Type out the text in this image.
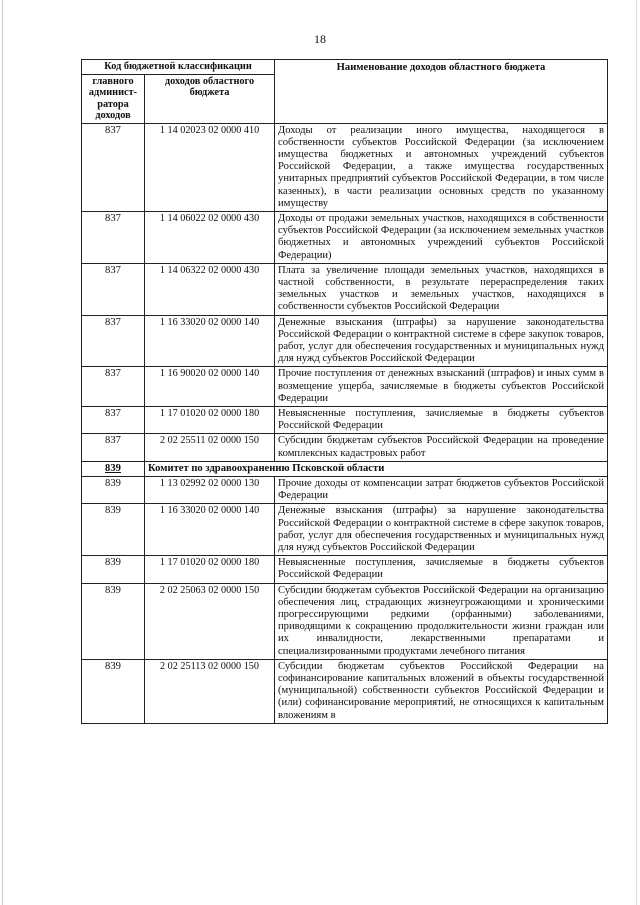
18
Код бюджетной классификации		Наименование доходов областного бюджета
главного админист-ратора доходов	доходов областного бюджета	
837	1 14 02023 02 0000 410	Доходы от реализации иного имущества, находящегося в собственности субъектов Российской Федерации (за исключением имущества бюджетных и автономных учреждений субъектов Российской Федерации, а также имущества государственных унитарных предприятий субъектов Российской Федерации, в том числе казенных), в части реализации основных средств по указанному имуществу
837	1 14 06022 02 0000 430	Доходы от продажи земельных участков, находящихся в собственности субъектов Российской Федерации (за исключением земельных участков бюджетных и автономных учреждений субъектов Российской Федерации)
837	1 14 06322 02 0000 430	Плата за увеличение площади земельных участков, находящихся в частной собственности, в результате перераспределения таких земельных участков и земельных участков, находящихся в собственности субъектов Российской Федерации
837	1 16 33020 02 0000 140	Денежные взыскания (штрафы) за нарушение законодательства Российской Федерации о контрактной системе в сфере закупок товаров, работ, услуг для обеспечения государственных и муниципальных нужд для нужд субъектов Российской Федерации
837	1 16 90020 02 0000 140	Прочие поступления от денежных взысканий (штрафов) и иных сумм в возмещение ущерба, зачисляемые в бюджеты субъектов Российской Федерации
837	1 17 01020 02 0000 180	Невыясненные поступления, зачисляемые в бюджеты субъектов Российской Федерации
837	2 02 25511 02 0000 150	Субсидии бюджетам субъектов Российской Федерации на проведение комплексных кадастровых работ
839	Комитет по здравоохранению Псковской области	
839	1 13 02992 02 0000 130	Прочие доходы от компенсации затрат бюджетов субъектов Российской Федерации
839	1 16 33020 02 0000 140	Денежные взыскания (штрафы) за нарушение законодательства Российской Федерации о контрактной системе в сфере закупок товаров, работ, услуг для обеспечения государственных и муниципальных нужд для нужд субъектов Российской Федерации
839	1 17 01020 02 0000 180	Невыясненные поступления, зачисляемые в бюджеты субъектов Российской Федерации
839	2 02 25063 02 0000 150	Субсидии бюджетам субъектов Российской Федерации на организацию обеспечения лиц, страдающих жизнеугрожающими и хроническими прогрессирующими редкими (орфанными) заболеваниями, приводящими к сокращению продолжительности жизни граждан или их инвалидности, лекарственными препаратами и специализированными продуктами лечебного питания
839	2 02 25113 02 0000 150	Субсидии бюджетам субъектов Российской Федерации на софинансирование капитальных вложений в объекты государственной (муниципальной) собственности субъектов Российской Федерации и (или) софинансирование мероприятий, не относящихся к капитальным вложениям в
